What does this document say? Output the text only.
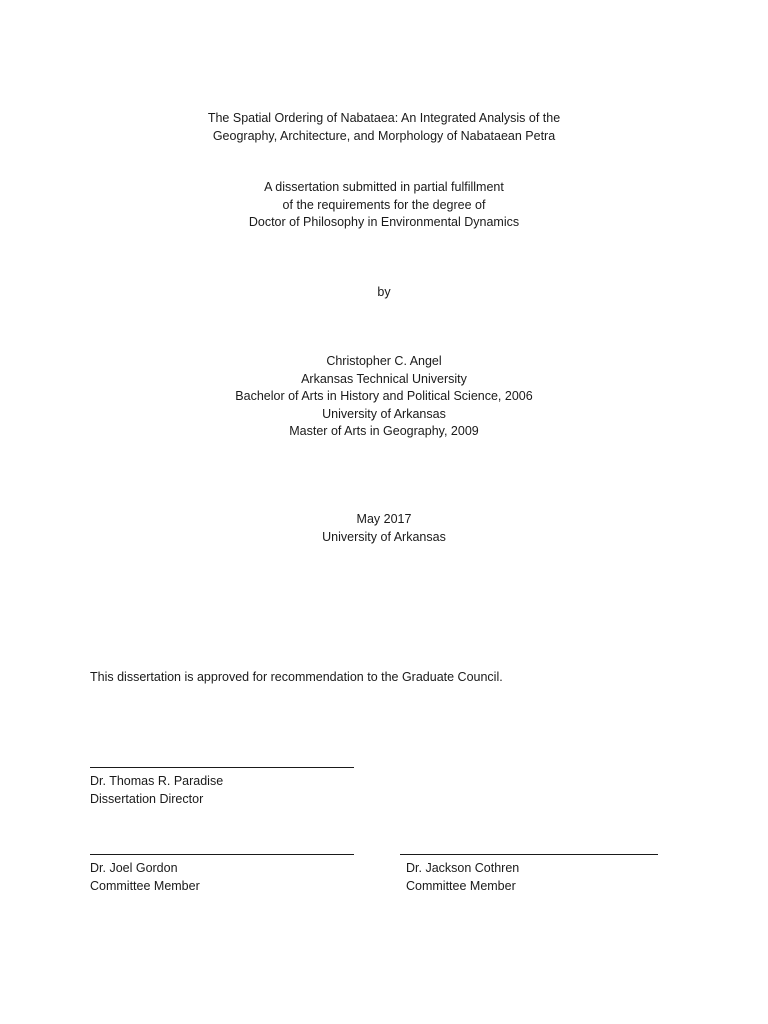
The Spatial Ordering of Nabataea: An Integrated Analysis of the
Geography, Architecture, and Morphology of Nabataean Petra
A dissertation submitted in partial fulfillment
of the requirements for the degree of
Doctor of Philosophy in Environmental Dynamics
by
Christopher C. Angel
Arkansas Technical University
Bachelor of Arts in History and Political Science, 2006
University of Arkansas
Master of Arts in Geography, 2009
May 2017
University of Arkansas
This dissertation is approved for recommendation to the Graduate Council.
Dr. Thomas R. Paradise
Dissertation Director
Dr. Joel Gordon
Committee Member
Dr. Jackson Cothren
Committee Member
